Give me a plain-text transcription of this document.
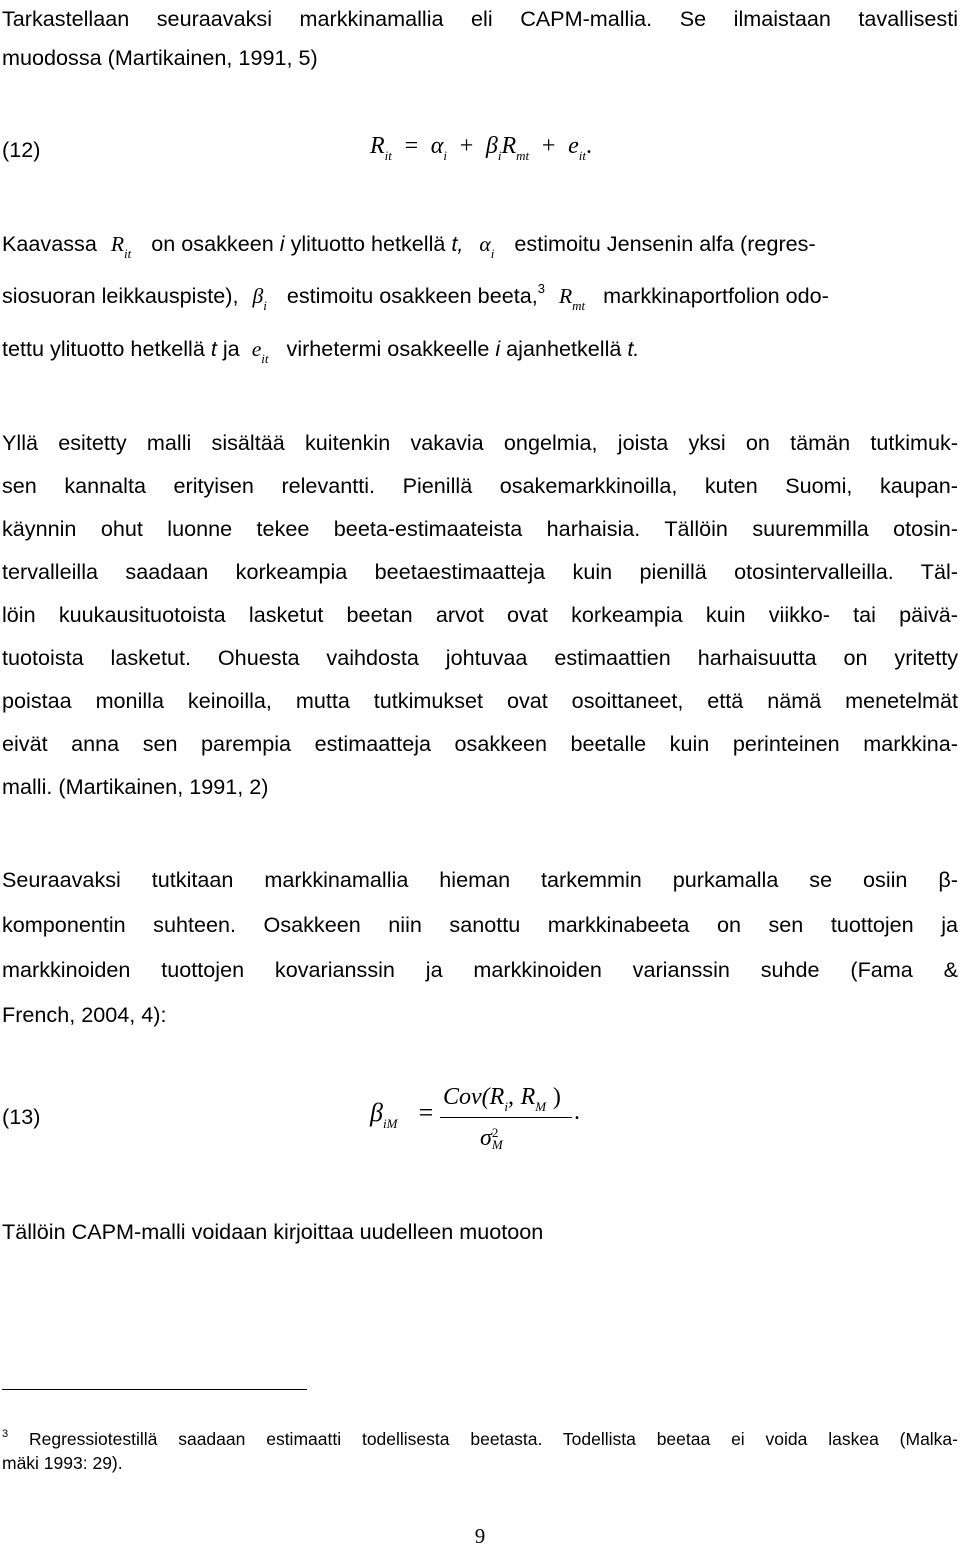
Tarkastellaan seuraavaksi markkinamallia eli CAPM-mallia. Se ilmaistaan tavallisesti
muodossa (Martikainen, 1991, 5)
(12)	$R_{it} = \alpha_i + \beta_iR_{mt} + e_{it}$.
Kaavassa $R_{it}$ on osakkeen i ylituotto hetkellä t, $\alpha_i$ estimoitu Jensenin alfa (regres-
siosuoran leikkauspiste), $\beta_i$ estimoitu osakkeen beeta,$^3$ $R_{mt}$ markkinaportfolion odo-
tettu ylituotto hetkellä t ja $e_{it}$ virhetermi osakkeelle i ajanhetkellä t.
Yllä esitetty malli sisältää kuitenkin vakavia ongelmia, joista yksi on tämän tutkimuk-
sen kannalta erityisen relevantti. Pienillä osakemarkkinoilla, kuten Suomi, kaupan-
käynnin ohut luonne tekee beeta-estimaateista harhaisia. Tällöin suuremmilla otosin-
tervalleilla saadaan korkeampia beetaestimaatteja kuin pienillä otosintervalleilla. Täl-
löin kuukausituotoista lasketut beetan arvot ovat korkeampia kuin viikko- tai päivä-
tuotoista lasketut. Ohuesta vaihdosta johtuvaa estimaattien harhaisuutta on yritetty
poistaa monilla keinoilla, mutta tutkimukset ovat osoittaneet, että nämä menetelmät
eivät anna sen parempia estimaatteja osakkeen beetalle kuin perinteinen markkina-
malli. (Martikainen, 1991, 2)
Seuraavaksi tutkitaan markkinamallia hieman tarkemmin purkamalla se osiin β-
komponentin suhteen. Osakkeen niin sanottu markkinabeeta on sen tuottojen ja
markkinoiden tuottojen kovarianssin ja markkinoiden varianssin suhde (Fama &
French, 2004, 4):
(13)	$\beta_{iM}$ =
$Cov(R_i$, $R_M$ )
.
σ 2
M
Tällöin CAPM-malli voidaan kirjoittaa uudelleen muotoon
$^3$ Regressiotestillä saadaan estimaatti todellisesta beetasta. Todellista beetaa ei voida laskea (Malka-
mäki 1993: 29).
9
